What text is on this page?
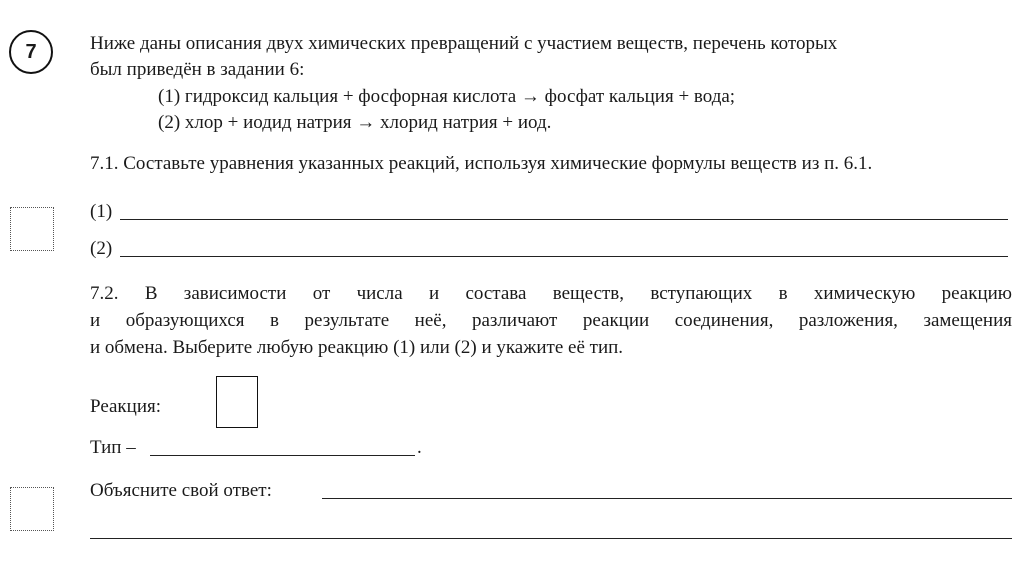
7	Ниже даны описания двух химических превращений с участием веществ, перечень которых
был приведён в задании 6:
(1) гидроксид кальция + фосфорная кислота → фосфат кальция + вода;
(2) хлор + иодид натрия → хлорид натрия + иод.
7.1. Составьте уравнения указанных реакций, используя химические формулы веществ из п. 6.1.
(1)
(2)
7.2. В зависимости от числа и состава веществ, вступающих в химическую реакцию
и образующихся в результате неё, различают реакции соединения, разложения, замещения
и обмена. Выберите любую реакцию (1) или (2) и укажите её тип.
Реакция:
Тип –	.
Объясните свой ответ:
